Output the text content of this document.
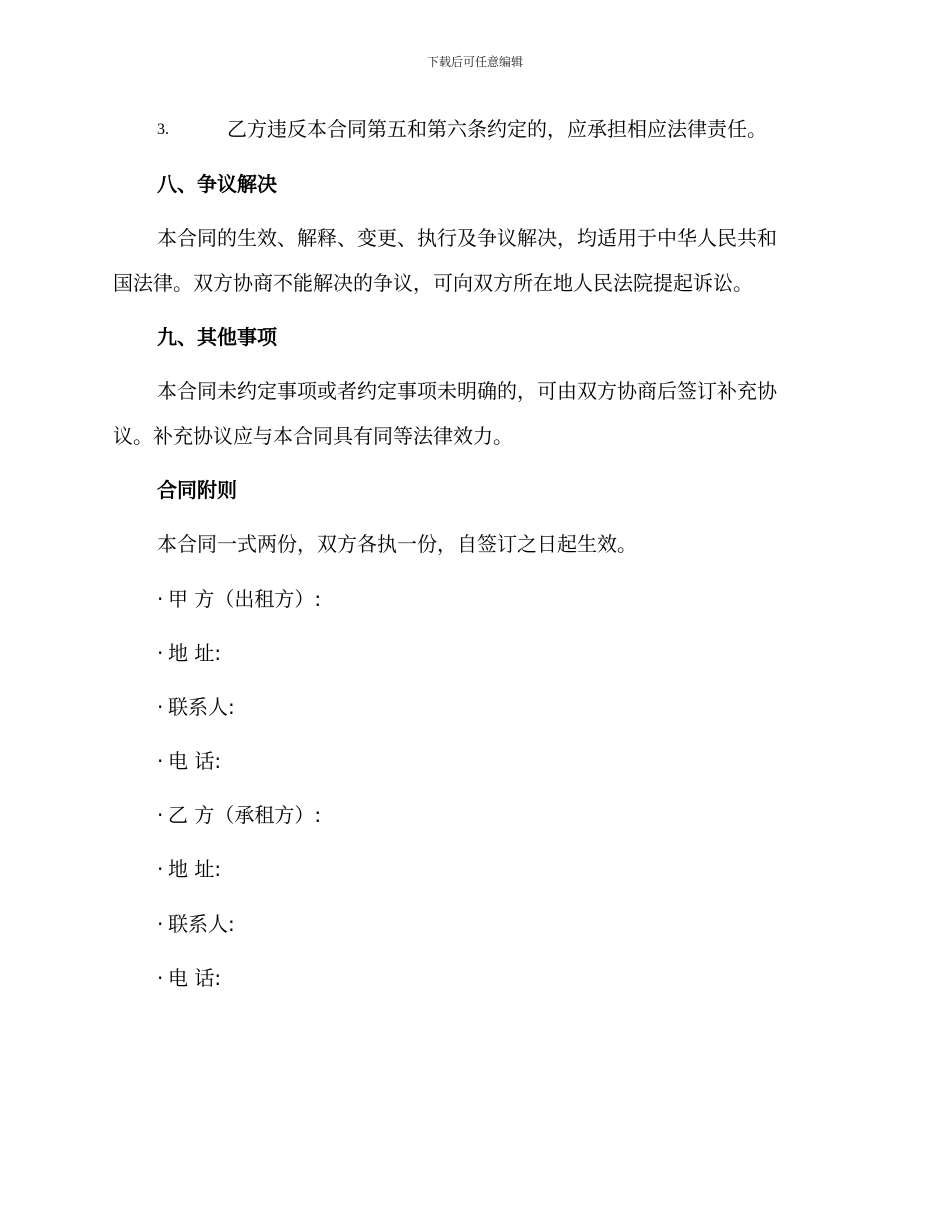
下载后可任意编辑
3.	乙方违反本合同第五和第六条约定的，应承担相应法律责任。
八、争议解决
本合同的生效、解释、变更、执行及争议解决，均适用于中华人民共和
国法律。双方协商不能解决的争议，可向双方所在地人民法院提起诉讼。
九、其他事项
本合同未约定事项或者约定事项未明确的，可由双方协商后签订补充协
议。补充协议应与本合同具有同等法律效力。
合同附则
本合同一式两份，双方各执一份，自签订之日起生效。
· 甲 方（出租方）:
· 地 址:
· 联系人:
· 电 话:
· 乙 方（承租方）:
· 地 址:
· 联系人:
· 电 话:
